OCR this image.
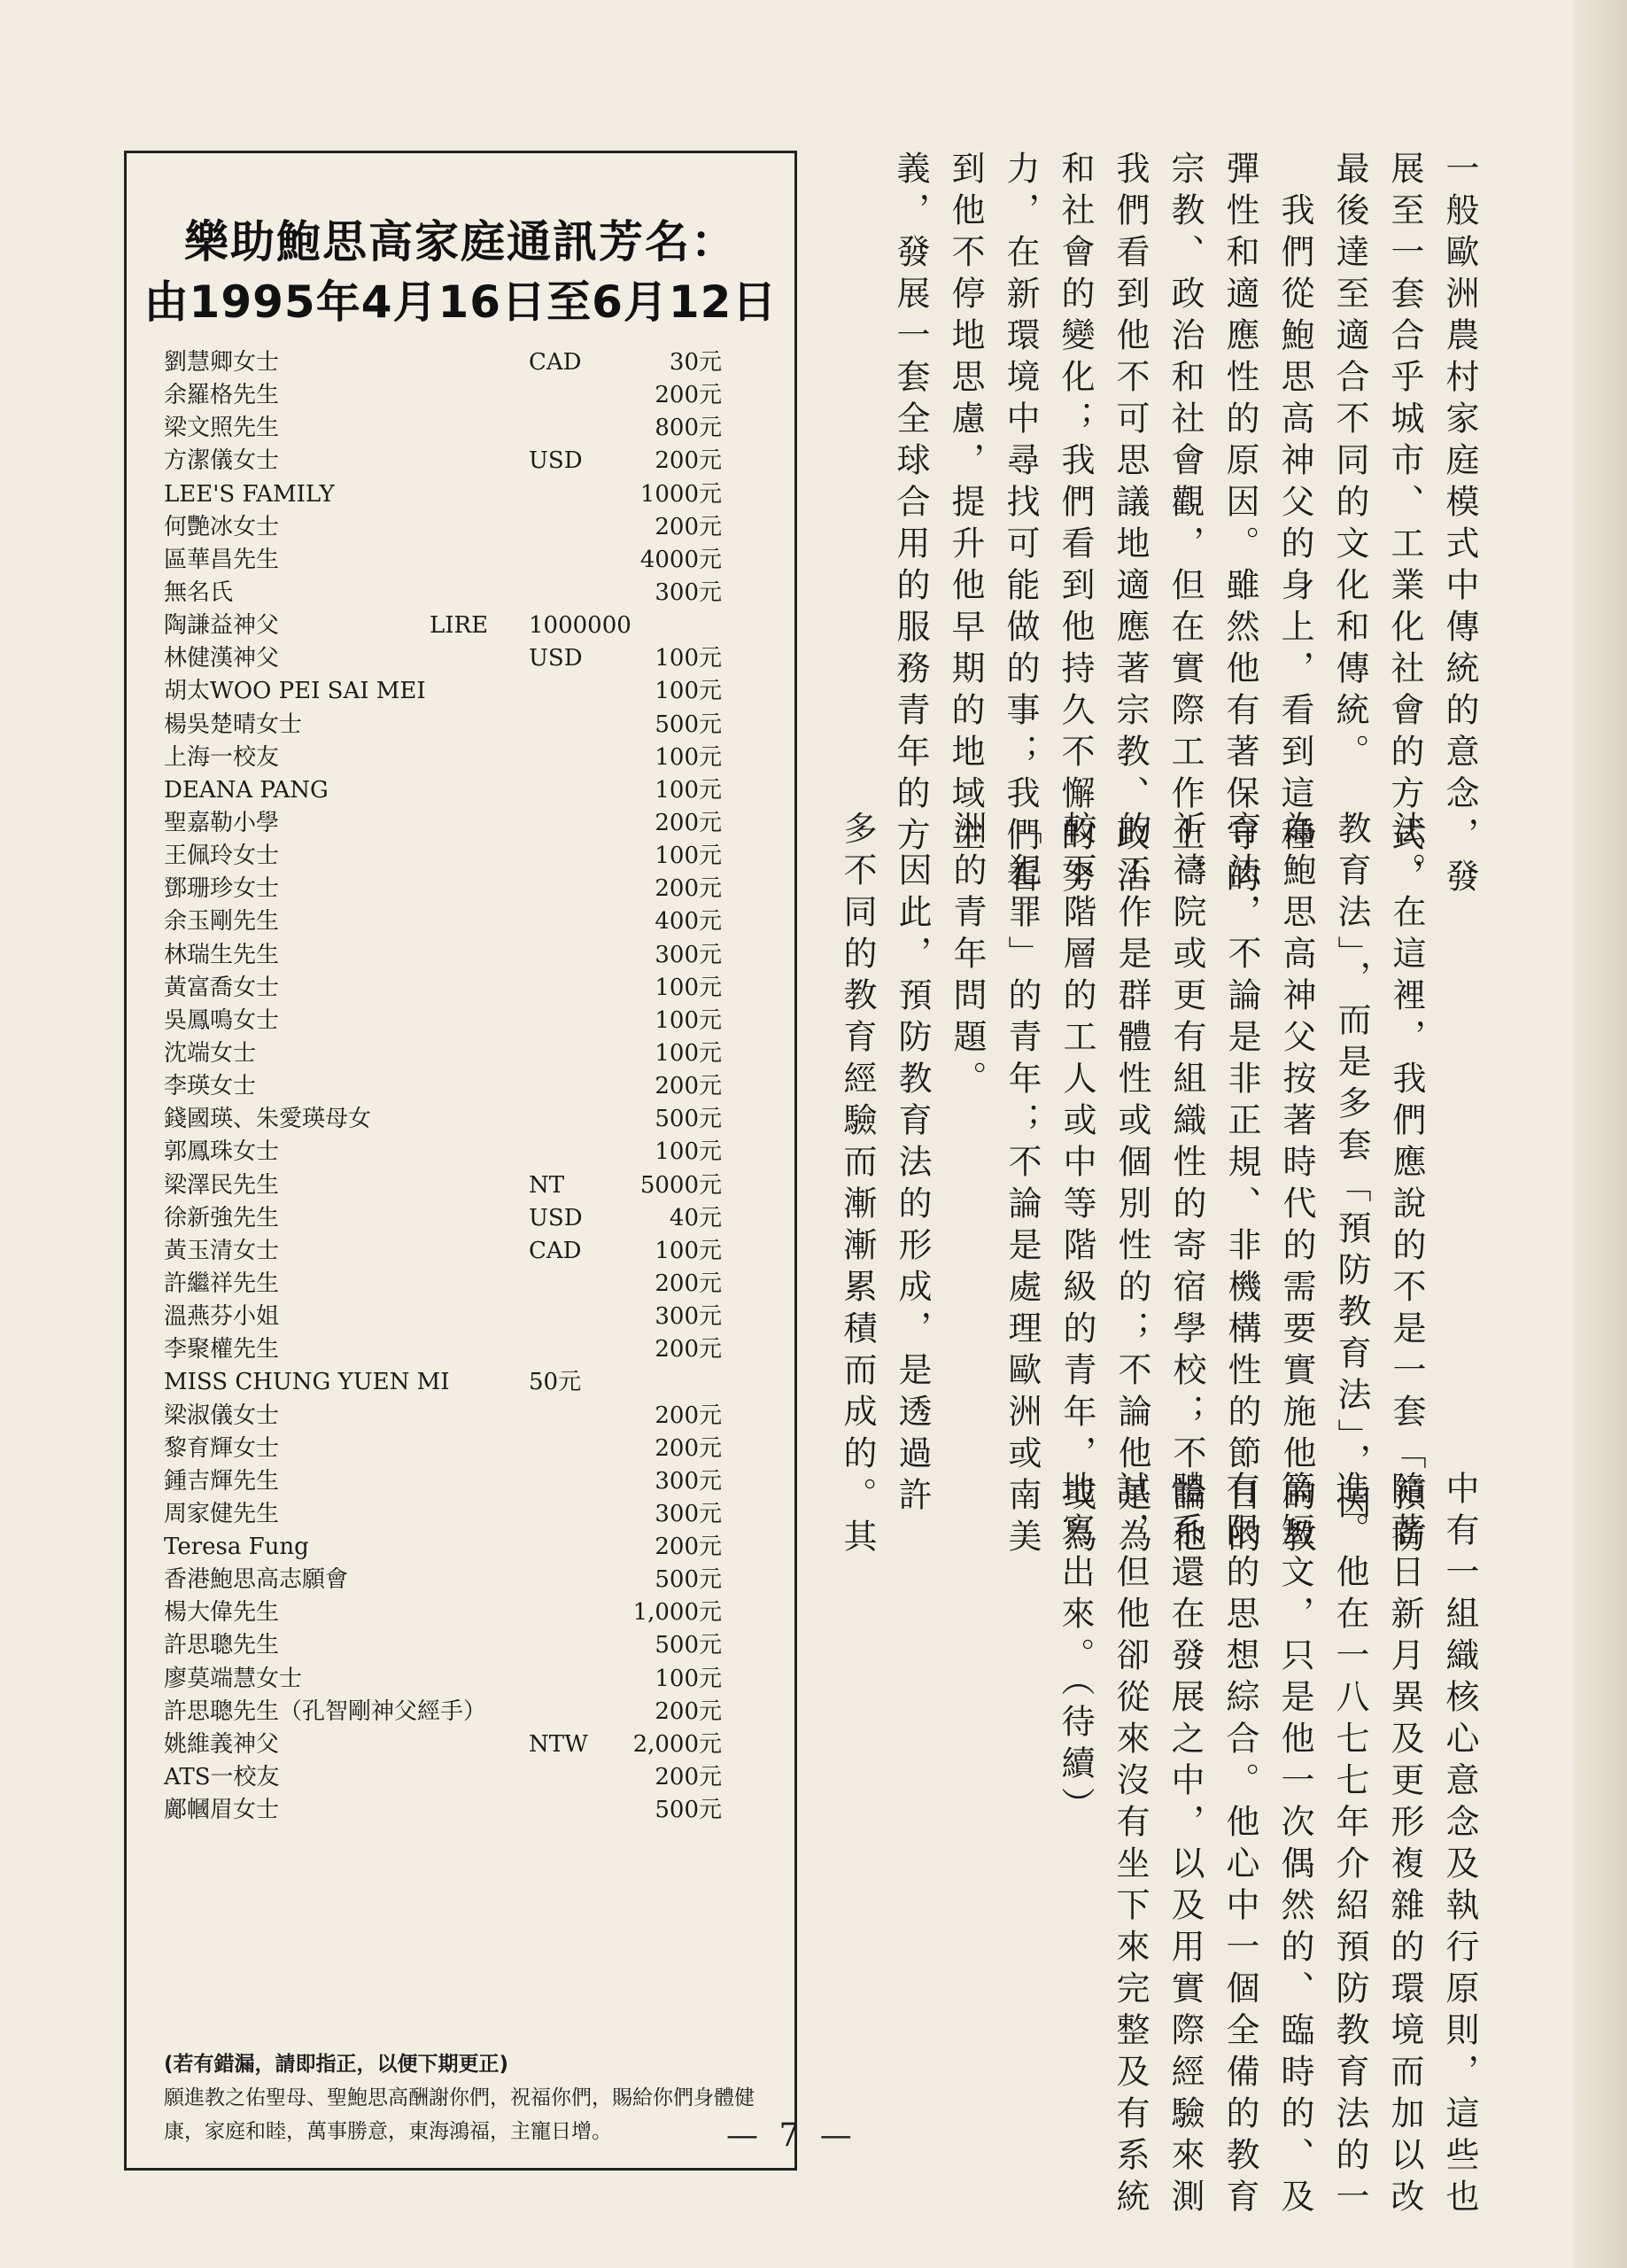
樂助鮑思高家庭通訊芳名：
由1995年4月16日至6月12日
劉慧卿女士	CAD	30元
余羅格先生	200元
梁文照先生	800元
方潔儀女士	USD	200元
LEE'S FAMILY	1000元
何艷冰女士	200元
區華昌先生	4000元
無名氏	300元
陶謙益神父	LIRE 1000000
林健漢神父	USD	100元
胡太WOO PEI SAI MEI	100元
楊吳楚晴女士	500元
上海一校友	100元
DEANA PANG	100元
聖嘉勒小學	200元
王佩玲女士	100元
鄧珊珍女士	200元
余玉剛先生	400元
林瑞生先生	300元
黃富喬女士	100元
吳鳳鳴女士	100元
沈端女士	100元
李瑛女士	200元
錢國瑛、朱愛瑛母女	500元
郭鳳珠女士	100元
梁澤民先生	NT	5000元
徐新強先生	USD	40元
黃玉清女士	CAD	100元
許繼祥先生	200元
溫燕芬小姐	300元
李聚權先生	200元
MISS CHUNG YUEN MI	50元
梁淑儀女士	200元
黎育輝女士	200元
鍾吉輝先生	300元
周家健先生	300元
Teresa Fung	200元
香港鮑思高志願會	500元
楊大偉先生	1,000元
許思聰先生	500元
廖莫端慧女士	100元
許思聰先生（孔智剛神父經手）	200元
姚維義神父	NTW 2,000元
ATS一校友	200元
鄺幗眉女士	500元
(若有錯漏，請即指正，以便下期更正)
願進教之佑聖母、聖鮑思高酬謝你們，祝福你們，賜給你們身體健康，家庭和睦，萬事勝意，東海鴻福，主寵日增。
一般歐洲農村家庭模式中傳統的意念，發
展至一套合乎城市、工業化社會的方式，
最後達至適合不同的文化和傳統。
　我們從鮑思高神父的身上，看到這種
彈性和適應性的原因。雖然他有著保守的
宗教、政治和社會觀，但在實際工作上，
我們看到他不可思議地適應著宗教、政治
和社會的變化；我們看到他持久不懈的努
力，在新環境中尋找可能做的事；我們看
到他不停地思慮，提升他早期的地域主
義，發展一套全球合用的服務青年的方
法。在這裡，我們應說的不是一套「預防
教育法」，而是多套「預防教育法」，因
為鮑思高神父按著時代的需要實施他的教
育法，不論是非正規、非機構性的節日的
祈禱院或更有組織性的寄宿學校；不論他
的工作是群體性或個別性的；不論他是為
較下階層的工人或中等階級的青年，或為
「犯罪」的青年；不論是處理歐洲或南美
洲的青年問題。
　因此，預防教育法的形成，是透過許
多不同的教育經驗而漸漸累積而成的。其
中有一組織核心意念及執行原則，這些也
隨著日新月異及更形複雜的環境而加以改
進。他在一八七七年介紹預防教育法的一
篇短文，只是他一次偶然的、臨時的、及
有限的思想綜合。他心中一個全備的教育
體系還在發展之中，以及用實際經驗來測
試，但他卻從來沒有坐下來完整及有系統
地寫出來。（待續）
— 7 —
